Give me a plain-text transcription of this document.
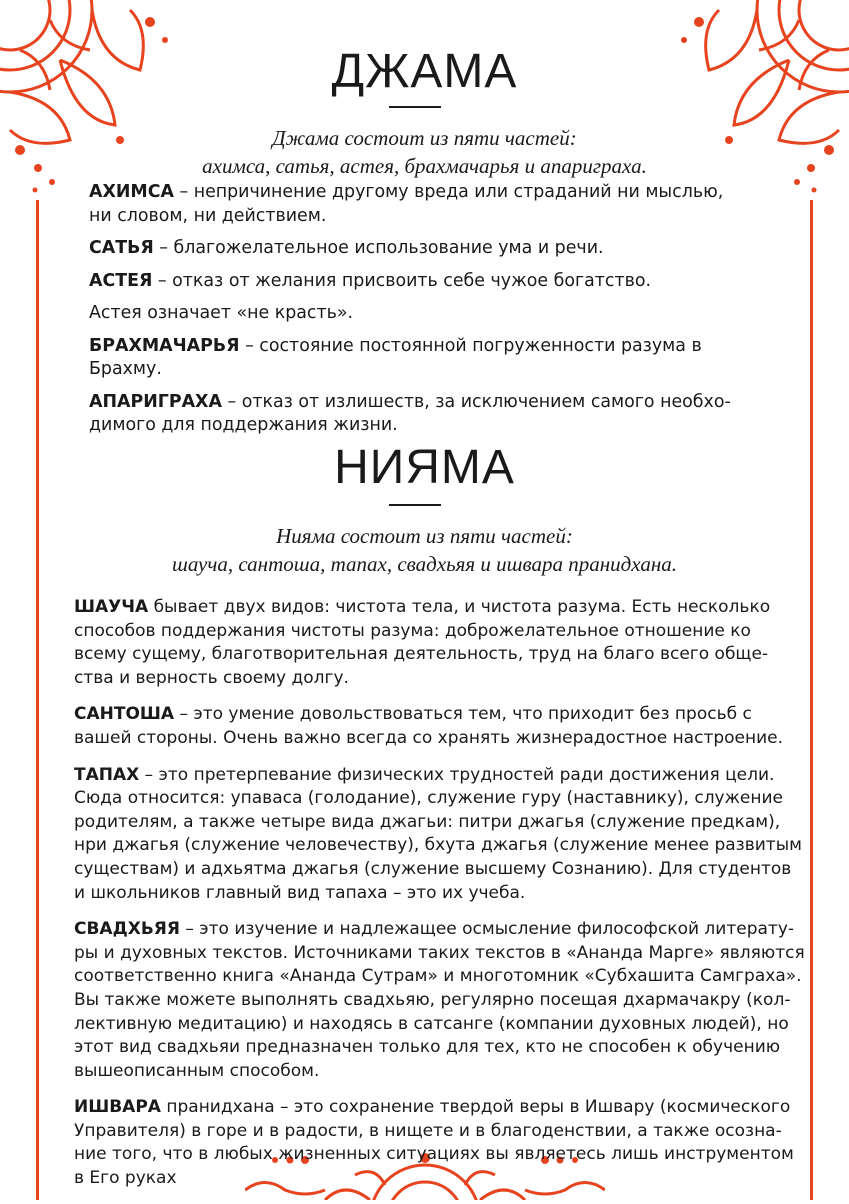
ДЖАМА
Джама состоит из пяти частей:
ахимса, сатья, астея, брахмачарья и апариграха.

АХИМСА – непричинение другому вреда или страданий ни мыслью,
ни словом, ни действием.

САТЬЯ – благожелательное использование ума и речи.

АСТЕЯ – отказ от желания присвоить себе чужое богатство.

Астея означает «не красть».

БРАХМАЧАРЬЯ – состояние постоянной погруженности разума в
Брахму.

АПАРИГРАХА – отказ от излишеств, за исключением самого необхо-
димого для поддержания жизни.

НИЯМА
Нияма состоит из пяти частей:
шауча, сантоша, тапах, свадхьяя и ишвара пранидхана.

ШАУЧА бывает двух видов: чистота тела, и чистота разума. Есть несколько
способов поддержания чистоты разума: доброжелательное отношение ко
всему сущему, благотворительная деятельность, труд на благо всего обще-
ства и верность своему долгу.

САНТОША – это умение довольствоваться тем, что приходит без просьб с
вашей стороны. Очень важно всегда со хранять жизнерадостное настроение.

ТАПАХ – это претерпевание физических трудностей ради достижения цели.
Сюда относится: упаваса (голодание), служение гуру (наставнику), служение
родителям, а также четыре вида джагьи: питри джагья (служение предкам),
нри джагья (служение человечеству), бхута джагья (служение менее развитым
существам) и адхьятма джагья (служение высшему Сознанию). Для студентов
и школьников главный вид тапаха – это их учеба.

СВАДХЬЯЯ – это изучение и надлежащее осмысление философской литерату-
ры и духовных текстов. Источниками таких текстов в «Ананда Марге» являются
соответственно книга «Ананда Сутрам» и многотомник «Субхашита Самграха».
Вы также можете выполнять свадхьяю, регулярно посещая дхармачакру (кол-
лективную медитацию) и находясь в сатсанге (компании духовных людей), но
этот вид свадхьяи предназначен только для тех, кто не способен к обучению
вышеописанным способом.

ИШВАРА пранидхана – это сохранение твердой веры в Ишвару (космического
Управителя) в горе и в радости, в нищете и в благоденствии, а также осозна-
ние того, что в любых жизненных ситуациях вы являетесь лишь инструментом
в Его руках
